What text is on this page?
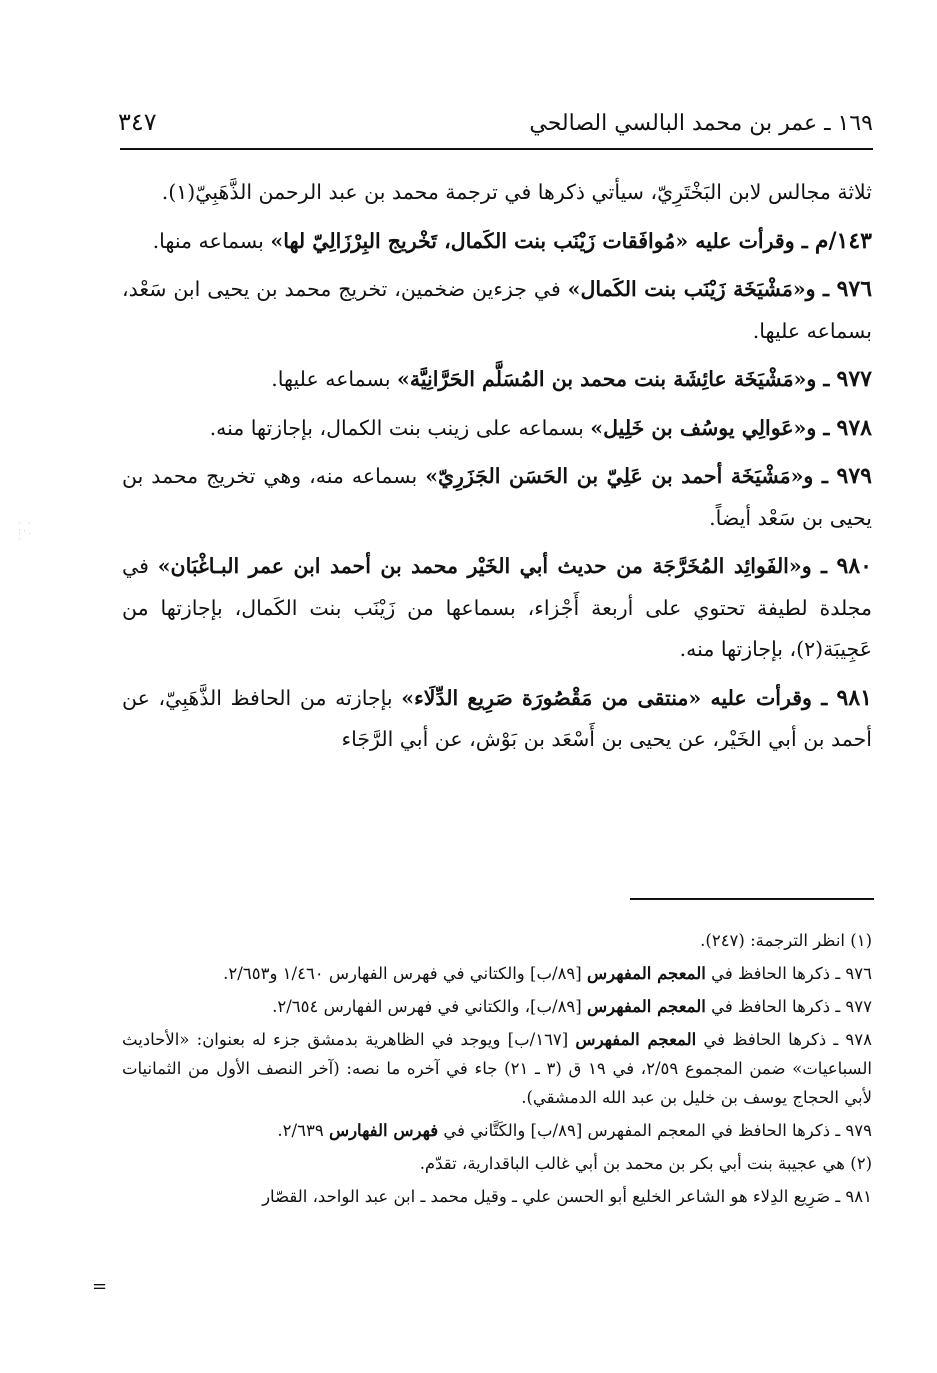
١٦٩ ـ عمر بن محمد البالسي الصالحي
٣٤٧

ثلاثة مجالس لابن البَخْتَرِيّ، سيأتي ذكرها في ترجمة محمد بن عبد الرحمن الذَّهَبِيّ(١).

١٤٣/م ـ وقرأت عليه «مُوافَقات زَيْنَب بنت الكَمال، تَخْريج البِرْزَالِيّ لها» بسماعه منها.

٩٧٦ ـ و«مَشْيَخَة زَيْنَب بنت الكَمال» في جزءين ضخمين، تخريج محمد بن يحيى ابن سَعْد، بسماعه عليها.

٩٧٧ ـ و«مَشْيَخَة عائِشَة بنت محمد بن المُسَلَّم الحَرَّانِيَّة» بسماعه عليها.

٩٧٨ ـ و«عَوالِي يوسُف بن خَلِيل» بسماعه على زينب بنت الكمال، بإجازتها منه.

٩٧٩ ـ و«مَشْيَخَة أحمد بن عَلِيّ بن الحَسَن الجَزَرِيّ» بسماعه منه، وهي تخريج محمد بن يحيى بن سَعْد أيضاً.

٩٨٠ ـ و«الفَوائِد المُخَرَّجَة من حديث أبي الخَيْر محمد بن أحمد ابن عمر البـاغْبَان» في مجلدة لطيفة تحتوي على أربعة أَجْزاء، بسماعها من زَيْنَب بنت الكَمال، بإجازتها من عَجِيبَة(٢)، بإجازتها منه.

٩٨١ ـ وقرأت عليه «منتقى من مَقْصُورَة صَرِيع الدِّلَاء» بإجازته من الحافظ الذَّهَبِيّ، عن أحمد بن أبي الخَيْر، عن يحيى بن أَسْعَد بن بَوْش، عن أبي الرَّجَاء

(١) انظر الترجمة: (٢٤٧).

٩٧٦ ـ ذكرها الحافظ في المعجم المفهرس [٨٩/ب] والكتاني في فهرس الفهارس ١/٤٦٠ و٢/٦٥٣.

٩٧٧ ـ ذكرها الحافظ في المعجم المفهرس [٨٩/ب]، والكتاني في فهرس الفهارس ٢/٦٥٤.

٩٧٨ ـ ذكرها الحافظ في المعجم المفهرس [١٦٧/ب] ويوجد في الظاهرية بدمشق جزء له بعنوان: «الأحاديث السباعيات» ضمن المجموع ٢/٥٩، في ١٩ ق (٣ ـ ٢١) جاء في آخره ما نصه: (آخر النصف الأول من الثمانيات لأبي الحجاج يوسف بن خليل بن عبد الله الدمشقي).

٩٧٩ ـ ذكرها الحافظ في المعجم المفهرس [٨٩/ب] والكَتَّاني في فهرس الفهارس ٢/٦٣٩.

(٢) هي عجيبة بنت أبي بكر بن محمد بن أبي غالب الباقدارية، تقدّم.

٩٨١ ـ صَرِيع الدِلاء هو الشاعر الخليع أبو الحسن علي ـ وقيل محمد ـ ابن عبد الواحد، القصّار

=
· ·
:·.
·
